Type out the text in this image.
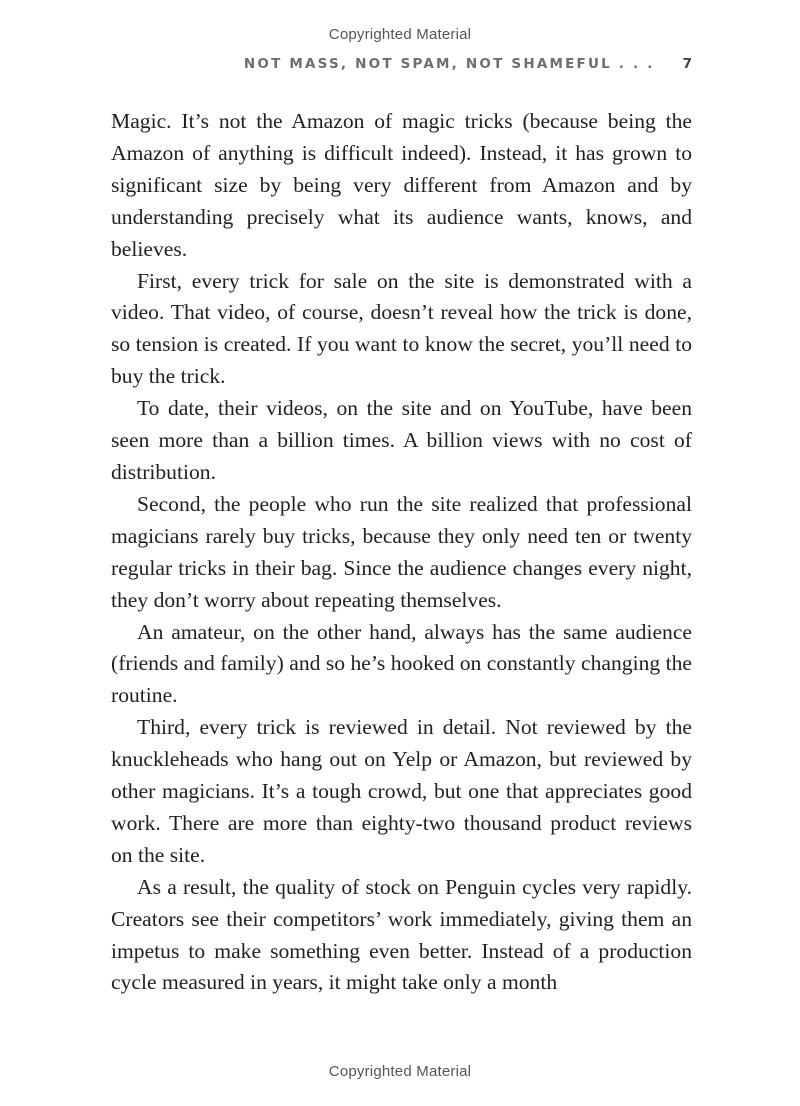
Copyrighted Material
NOT MASS, NOT SPAM, NOT SHAMEFUL . . . 7

Magic. It’s not the Amazon of magic tricks (because being the Amazon of anything is difficult indeed). Instead, it has grown to significant size by being very different from Amazon and by understanding precisely what its audience wants, knows, and believes.

First, every trick for sale on the site is demonstrated with a video. That video, of course, doesn’t reveal how the trick is done, so tension is created. If you want to know the secret, you’ll need to buy the trick.

To date, their videos, on the site and on YouTube, have been seen more than a billion times. A billion views with no cost of distribution.

Second, the people who run the site realized that professional magicians rarely buy tricks, because they only need ten or twenty regular tricks in their bag. Since the audience changes every night, they don’t worry about repeating themselves.

An amateur, on the other hand, always has the same audience (friends and family) and so he’s hooked on constantly changing the routine.

Third, every trick is reviewed in detail. Not reviewed by the knuckleheads who hang out on Yelp or Amazon, but reviewed by other magicians. It’s a tough crowd, but one that appreciates good work. There are more than eighty-two thousand product reviews on the site.

As a result, the quality of stock on Penguin cycles very rapidly. Creators see their competitors’ work immediately, giving them an impetus to make something even better. Instead of a production cycle measured in years, it might take only a month

Copyrighted Material
